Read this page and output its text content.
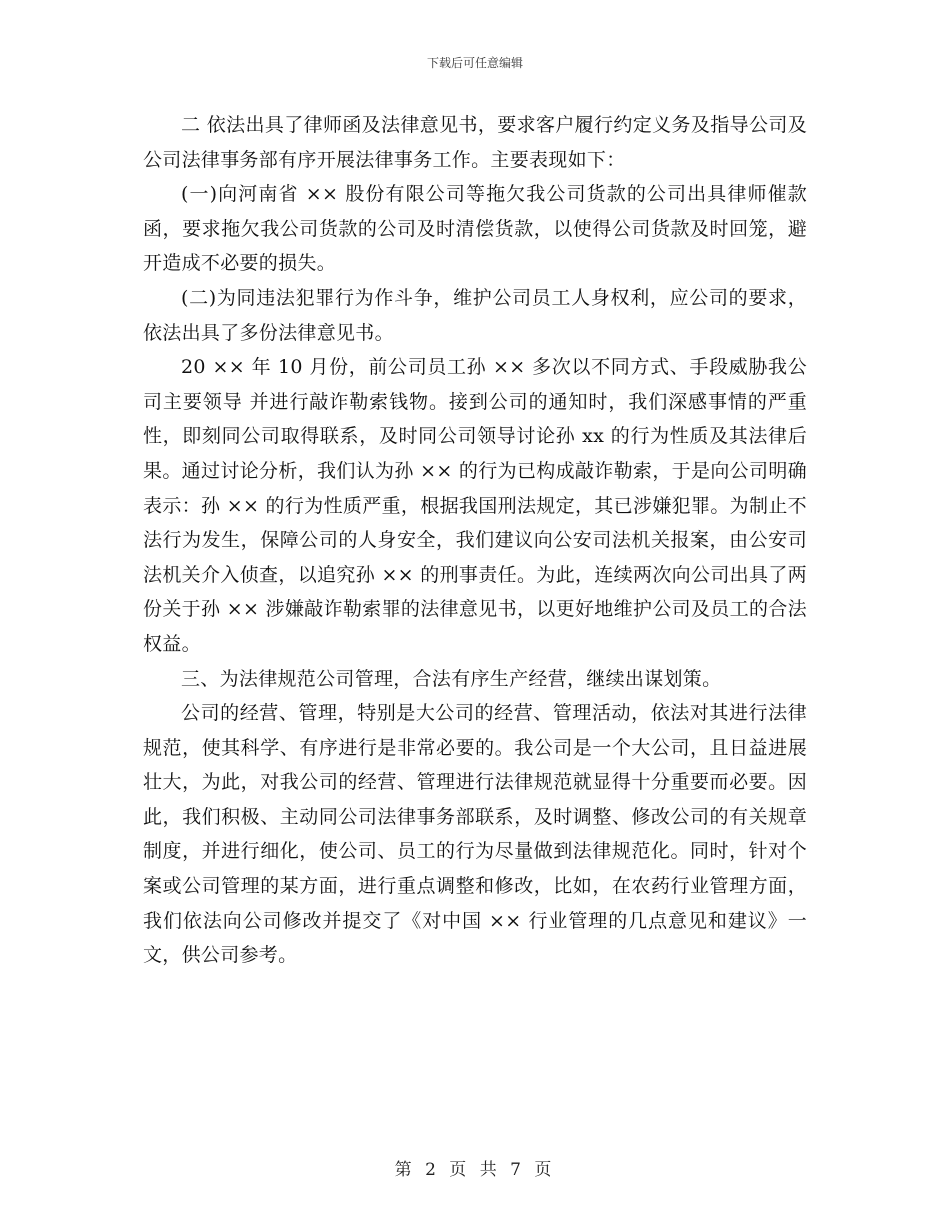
下载后可任意编辑

二 依法出具了律师函及法律意见书，要求客户履行约定义务及指导公司及公司法律事务部有序开展法律事务工作。主要表现如下：

(一)向河南省 ×× 股份有限公司等拖欠我公司货款的公司出具律师催款函，要求拖欠我公司货款的公司及时清偿货款，以使得公司货款及时回笼，避开造成不必要的损失。

(二)为同违法犯罪行为作斗争，维护公司员工人身权利，应公司的要求，依法出具了多份法律意见书。

20 ×× 年 10 月份，前公司员工孙 ×× 多次以不同方式、手段威胁我公司主要领导 并进行敲诈勒索钱物。接到公司的通知时，我们深感事情的严重性，即刻同公司取得联系，及时同公司领导讨论孙 xx 的行为性质及其法律后果。通过讨论分析，我们认为孙 ×× 的行为已构成敲诈勒索，于是向公司明确表示：孙 ×× 的行为性质严重，根据我国刑法规定，其已涉嫌犯罪。为制止不法行为发生，保障公司的人身安全，我们建议向公安司法机关报案，由公安司法机关介入侦查，以追究孙 ×× 的刑事责任。为此，连续两次向公司出具了两份关于孙 ×× 涉嫌敲诈勒索罪的法律意见书，以更好地维护公司及员工的合法权益。

三、为法律规范公司管理，合法有序生产经营，继续出谋划策。

公司的经营、管理，特别是大公司的经营、管理活动，依法对其进行法律规范，使其科学、有序进行是非常必要的。我公司是一个大公司，且日益进展壮大，为此，对我公司的经营、管理进行法律规范就显得十分重要而必要。因此，我们积极、主动同公司法律事务部联系，及时调整、修改公司的有关规章制度，并进行细化，使公司、员工的行为尽量做到法律规范化。同时，针对个案或公司管理的某方面，进行重点调整和修改，比如，在农药行业管理方面，我们依法向公司修改并提交了《对中国 ×× 行业管理的几点意见和建议》一文，供公司参考。

第 2 页 共 7 页
